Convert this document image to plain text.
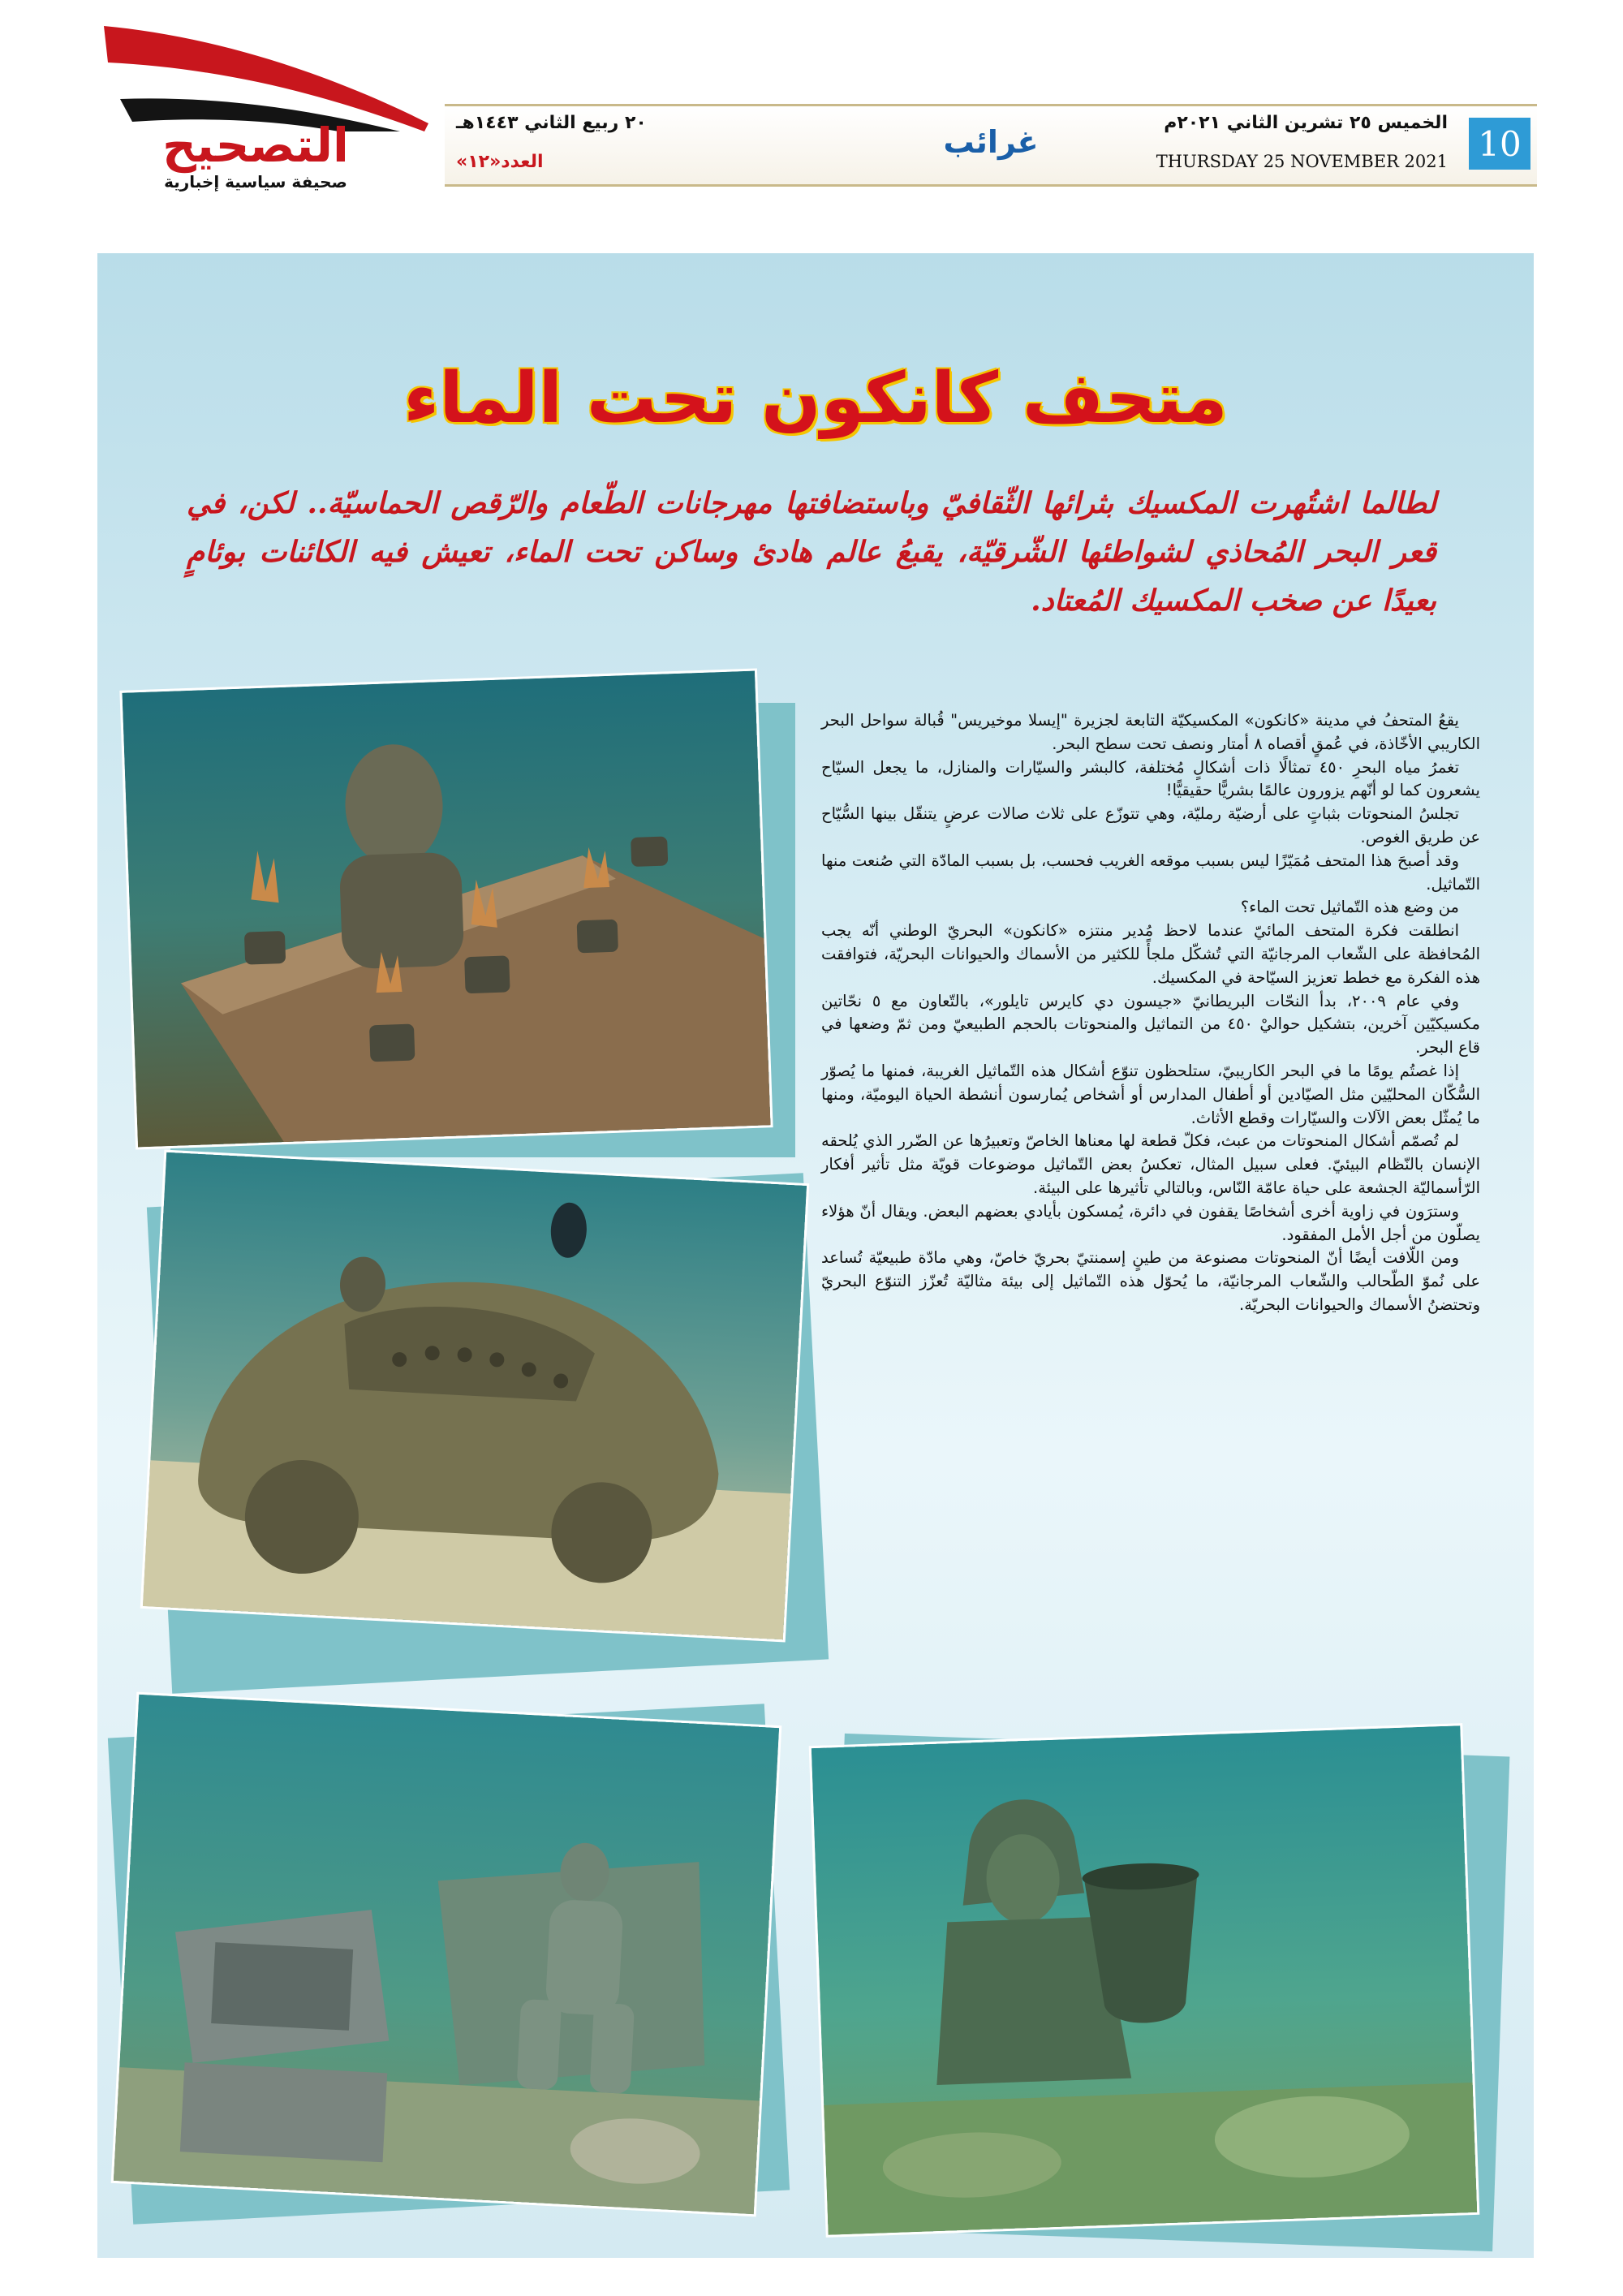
التصحيح
صحيفة سياسية إخبارية
10
الخميس ٢٥ تشرين الثاني ٢٠٢١م
THURSDAY 25 NOVEMBER 2021
غرائب
٢٠ ربيع الثاني ١٤٤٣هـ
العدد«١٢»
متحف كانكون تحت الماء

لطالما اشتُهرت المكسيك بثرائها الثّقافيّ وباستضافتها مهرجانات الطّعام والرّقص الحماسيّة.. لكن، في قعر البحر المُحاذي لشواطئها الشّرقيّة، يقبعُ عالم هادئ وساكن تحت الماء، تعيش فيه الكائنات بوئامٍ بعيدًا عن صخب المكسيك المُعتاد.

يقعُ المتحفُ في مدينة «كانكون» المكسيكيّة التابعة لجزيرة "إيسلا موخيريس" قُبالة سواحل البحر الكاريبي الأخّاذة، في عُمقٍ أقصاه ٨ أمتار ونصف تحت سطح البحر.

تغمرُ مياه البحرِ ٤٥٠ تمثالًا ذات أشكالٍ مُختلفة، كالبشر والسيّارات والمنازل، ما يجعل السيّاح يشعرون كما لو أنّهم يزورون عالمًا بشريًّا حقيقيًّا!

تجلسُ المنحوتات بثباتٍ على أرضيّة رمليّة، وهي تتوزّع على ثلاث صالات عرضٍ يتنقّل بينها السُّيّاح عن طريق الغوص.

وقد أصبحَ هذا المتحف مُمَيّزًا ليس بسبب موقعه الغريب فحسب، بل بسبب المادّة التي صُنعت منها التّماثيل.

من وضع هذه التّماثيل تحت الماء؟

انطلقت فكرة المتحف المائيّ عندما لاحظ مُدير منتزه «كانكون» البحريّ الوطني أنّه يجب المُحافظة على الشّعاب المرجانيّة التي تُشكّل ملجأً للكثير من الأسماك والحيوانات البحريّة، فتوافقت هذه الفكرة مع خطط تعزيز السيّاحة في المكسيك.

وفي عام ٢٠٠٩، بدأ النحّات البريطانيّ «جيسون دي كايرس تايلور»، بالتّعاون مع ٥ نحّاتين مكسيكيّين آخرين، بتشكيل حواليْ ٤٥٠ من التماثيل والمنحوتات بالحجم الطبيعيّ ومن ثمّ وضعها في قاع البحر.

إذا غصتُم يومًا ما في البحر الكاريبيّ، ستلحظون تنوّع أشكال هذه التّماثيل الغريبة، فمنها ما يُصوّر السُّكّان المحليّين مثل الصيّادين أو أطفال المدارس أو أشخاص يُمارسون أنشطة الحياة اليوميّة، ومنها ما يُمثّل بعض الآلات والسيّارات وقطع الأثاث.

لم تُصمّم أشكال المنحوتات من عبث، فكلّ قطعة لها معناها الخاصّ وتعبيرُها عن الضّرر الذي يُلحقه الإنسان بالنّظام البيئيّ. فعلى سبيل المثال، تعكسُ بعض التّماثيل موضوعات قويّة مثل تأثير أفكار الرّأسماليّة الجشعة على حياة عامّة النّاس، وبالتالي تأثيرها على البيئة.

وسترَون في زاوية أخرى أشخاصًا يقفون في دائرة، يُمسكون بأيادي بعضهم البعض. ويقال أنّ هؤلاء يصلّون من أجل الأمل المفقود.

ومن اللّافت أيضًا أنّ المنحوتات مصنوعة من طينٍ إسمنتيّ بحريّ خاصّ، وهي مادّة طبيعيّة تُساعد على نُموّ الطّحالب والشّعاب المرجانيّة، ما يُحوّل هذه التّماثيل إلى بيئة مثاليّة تُعزّز التنوّع البحريّ وتحتضنُ الأسماك والحيوانات البحريّة.
